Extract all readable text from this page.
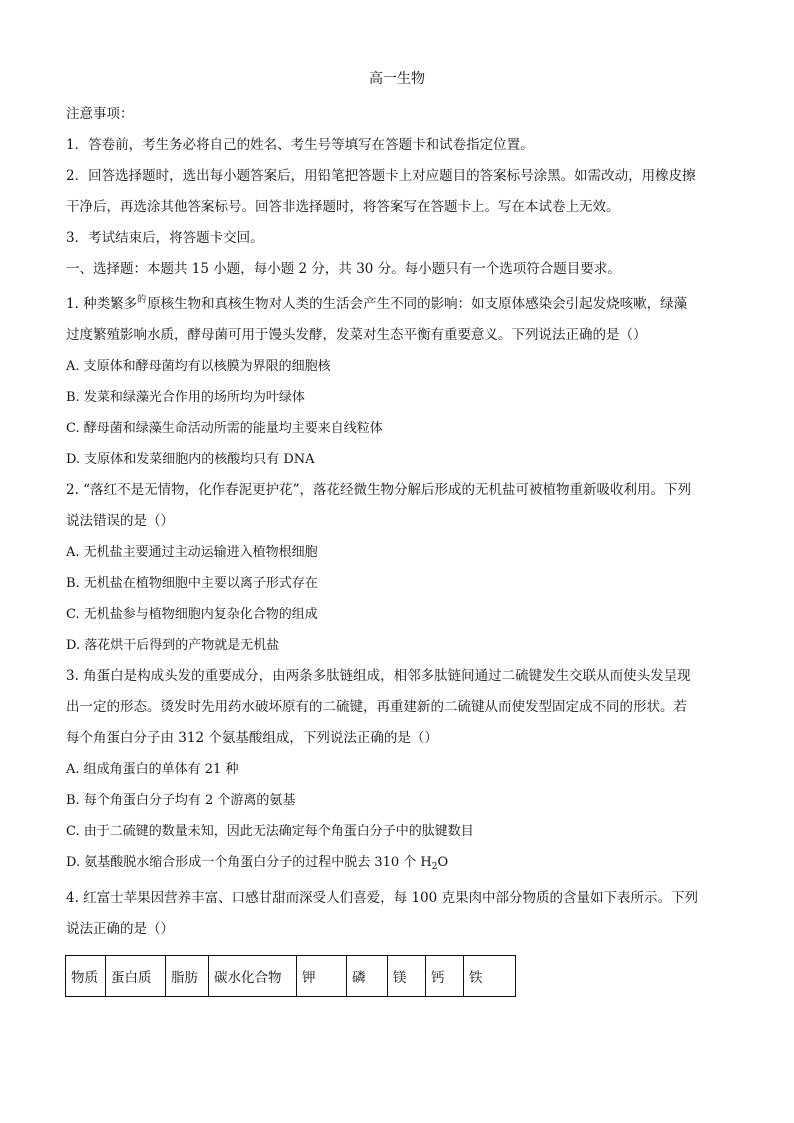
高一生物
注意事项：
1．答卷前，考生务必将自己的姓名、考生号等填写在答题卡和试卷指定位置。
2．回答选择题时，选出每小题答案后，用铅笔把答题卡上对应题目的答案标号涂黑。如需改动，用橡皮擦
干净后，再选涂其他答案标号。回答非选择题时，将答案写在答题卡上。写在本试卷上无效。
3．考试结束后，将答题卡交回。
一、选择题：本题共 15 小题，每小题 2 分，共 30 分。每小题只有一个选项符合题目要求。
1. 种类繁多$^的$原核生物和真核生物对人类的生活会产生不同的影响：如支原体感染会引起发烧咳嗽，绿藻
过度繁殖影响水质，酵母菌可用于馒头发酵，发菜对生态平衡有重要意义。下列说法正确的是（）
A. 支原体和酵母菌均有以核膜为界限的细胞核
B. 发菜和绿藻光合作用的场所均为叶绿体
C. 酵母菌和绿藻生命活动所需的能量均主要来自线粒体
D. 支原体和发菜细胞内的核酸均只有 DNA
2. “落红不是无情物，化作春泥更护花”，落花经微生物分解后形成的无机盐可被植物重新吸收利用。下列
说法错误的是（）
A. 无机盐主要通过主动运输进入植物根细胞
B. 无机盐在植物细胞中主要以离子形式存在
C. 无机盐参与植物细胞内复杂化合物的组成
D. 落花烘干后得到的产物就是无机盐
3. 角蛋白是构成头发的重要成分，由两条多肽链组成，相邻多肽链间通过二硫键发生交联从而使头发呈现
出一定的形态。烫发时先用药水破坏原有的二硫键，再重建新的二硫键从而使发型固定成不同的形状。若
每个角蛋白分子由 312 个氨基酸组成，下列说法正确的是（）
A. 组成角蛋白的单体有 21 种
B. 每个角蛋白分子均有 2 个游离的氨基
C. 由于二硫键的数量未知，因此无法确定每个角蛋白分子中的肽键数目
D. 氨基酸脱水缩合形成一个角蛋白分子的过程中脱去 310 个 $H_2O$
4. 红富士苹果因营养丰富、口感甘甜而深受人们喜爱，每 100 克果肉中部分物质的含量如下表所示。下列
说法正确的是（）
物质	蛋白质	脂肪	碳水化合物	钾	磷	镁	钙	铁
